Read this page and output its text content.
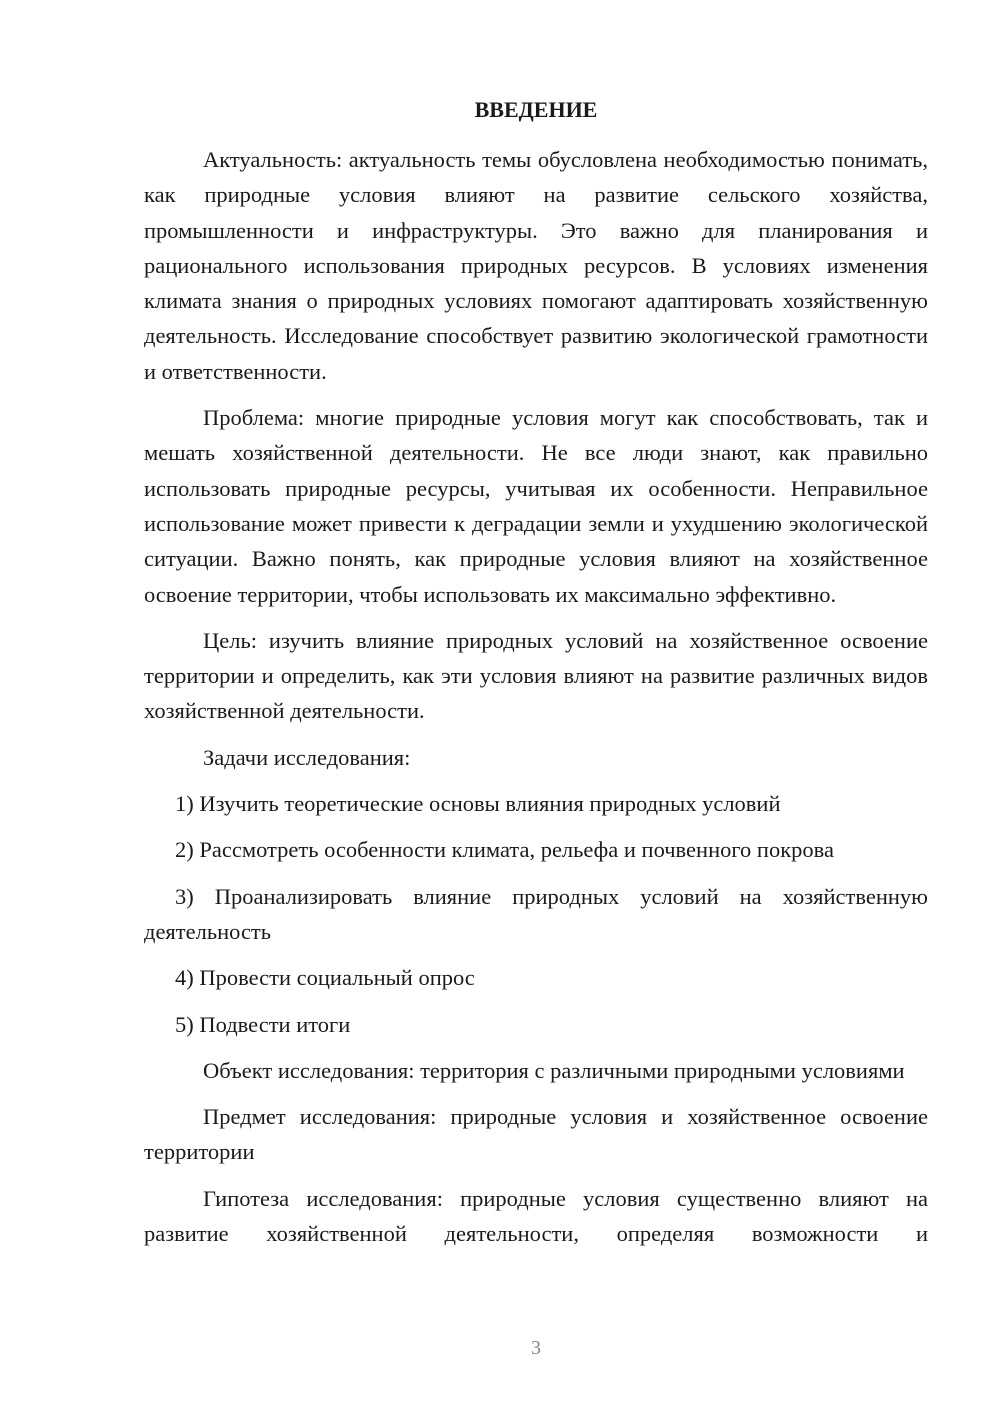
ВВЕДЕНИЕ

Актуальность: актуальность темы обусловлена необходимостью понимать, как природные условия влияют на развитие сельского хозяйства, промышленности и инфраструктуры. Это важно для планирования и рационального использования природных ресурсов. В условиях изменения климата знания о природных условиях помогают адаптировать хозяйственную деятельность. Исследование способствует развитию экологической грамотности и ответственности.

Проблема: многие природные условия могут как способствовать, так и мешать хозяйственной деятельности. Не все люди знают, как правильно использовать природные ресурсы, учитывая их особенности. Неправильное использование может привести к деградации земли и ухудшению экологической ситуации. Важно понять, как природные условия влияют на хозяйственное освоение территории, чтобы использовать их максимально эффективно.

Цель: изучить влияние природных условий на хозяйственное освоение территории и определить, как эти условия влияют на развитие различных видов хозяйственной деятельности.

Задачи исследования:

1) Изучить теоретические основы влияния природных условий

2) Рассмотреть особенности климата, рельефа и почвенного покрова

3) Проанализировать влияние природных условий на хозяйственную деятельность

4) Провести социальный опрос

5) Подвести итоги

Объект исследования: территория с различными природными условиями

Предмет исследования: природные условия и хозяйственное освоение территории

Гипотеза исследования: природные условия существенно влияют на развитие хозяйственной деятельности, определяя возможности и

3
